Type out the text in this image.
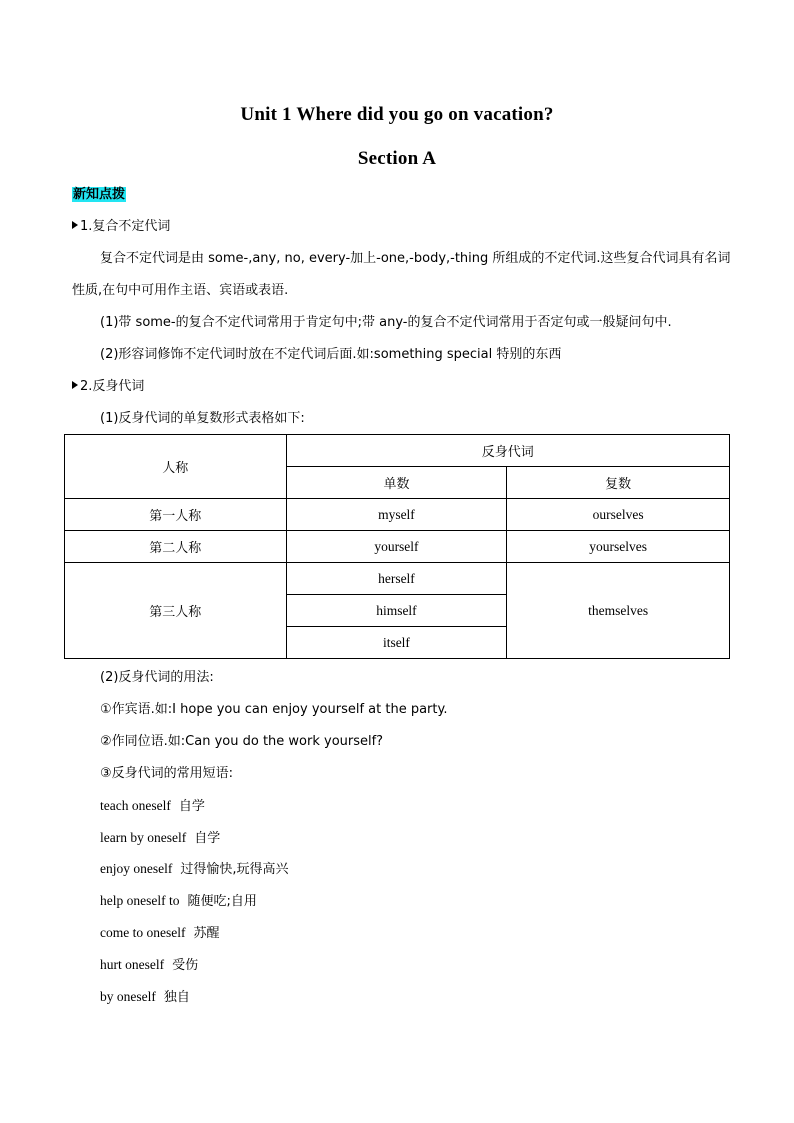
Unit 1 Where did you go on vacation?
Section A
新知点拨
1.复合不定代词
复合不定代词是由 some-,any, no, every-加上-one,-body,-thing 所组成的不定代词.这些复合代词具有名词
性质,在句中可用作主语、宾语或表语.
(1)带 some-的复合不定代词常用于肯定句中;带 any-的复合不定代词常用于否定句或一般疑问句中.
(2)形容词修饰不定代词时放在不定代词后面.如:something special 特别的东西
2.反身代词
(1)反身代词的单复数形式表格如下:
人称	反身代词	
	单数	复数
第一人称	myself	ourselves
第二人称	yourself	yourselves
第三人称	herself	themselves
	himself	
	itself	
(2)反身代词的用法:
①作宾语.如:I hope you can enjoy yourself at the party.
②作同位语.如:Can you do the work yourself?
③反身代词的常用短语:
teach oneself 自学
learn by oneself 自学
enjoy oneself 过得愉快,玩得高兴
help oneself to 随便吃;自用
come to oneself 苏醒
hurt oneself 受伤
by oneself 独自
